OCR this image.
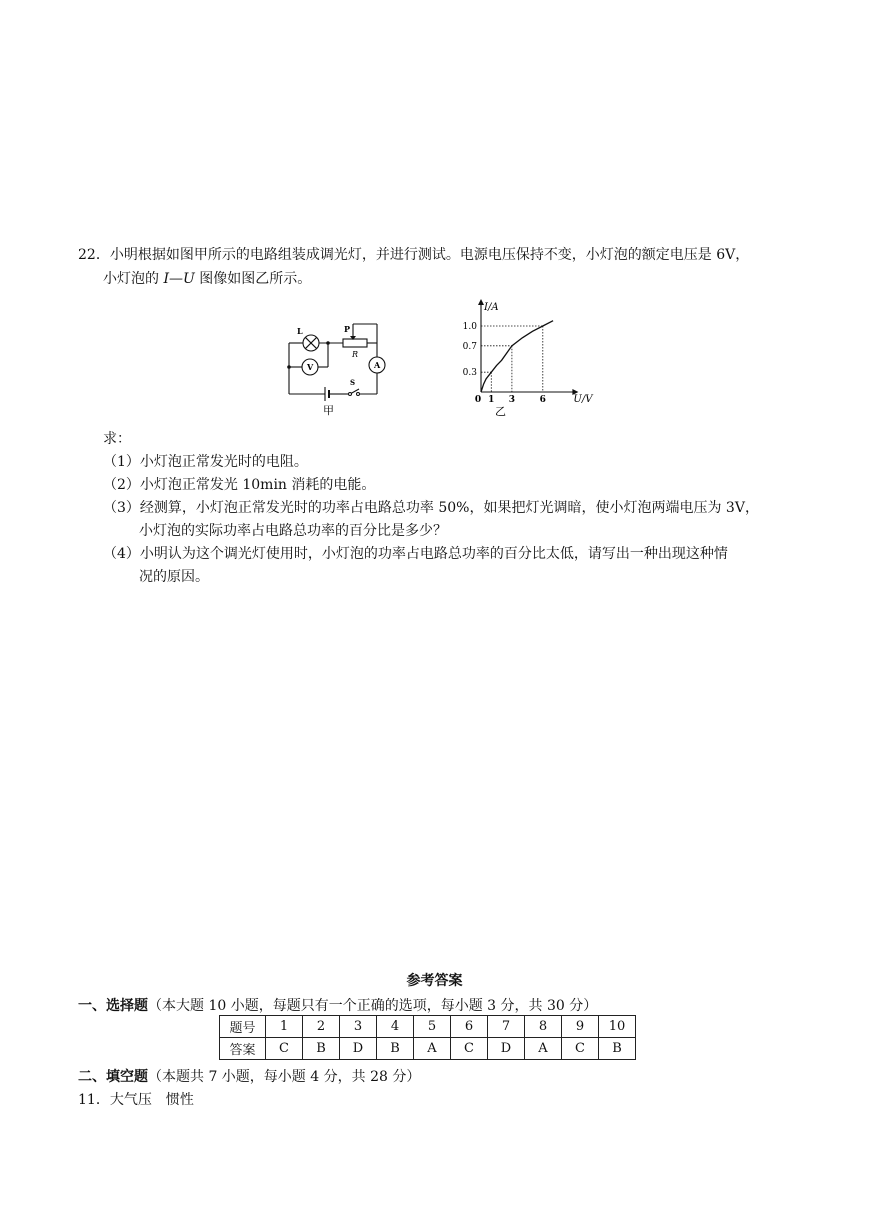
22．小明根据如图甲所示的电路组装成调光灯，并进行测试。电源电压保持不变，小灯泡的额定电压是 6V，
小灯泡的 I—U 图像如图乙所示。
L	P
R
V	A
S
甲
0.3
0.7
1.0
0 1 3	6
I/A
U/V
乙
求：
（1）小灯泡正常发光时的电阻。
（2）小灯泡正常发光 10min 消耗的电能。
（3）经测算，小灯泡正常发光时的功率占电路总功率 50%，如果把灯光调暗，使小灯泡两端电压为 3V，
小灯泡的实际功率占电路总功率的百分比是多少？
（4）小明认为这个调光灯使用时，小灯泡的功率占电路总功率的百分比太低，请写出一种出现这种情
况的原因。
参考答案
一、选择题（本大题 10 小题，每题只有一个正确的选项，每小题 3 分，共 30 分）
题号	1	2	3	4	5	6	7	8	9	10
答案	C	B	D	B	A	C	D	A	C	B
二、填空题（本题共 7 小题，每小题 4 分，共 28 分）
11．大气压　惯性
